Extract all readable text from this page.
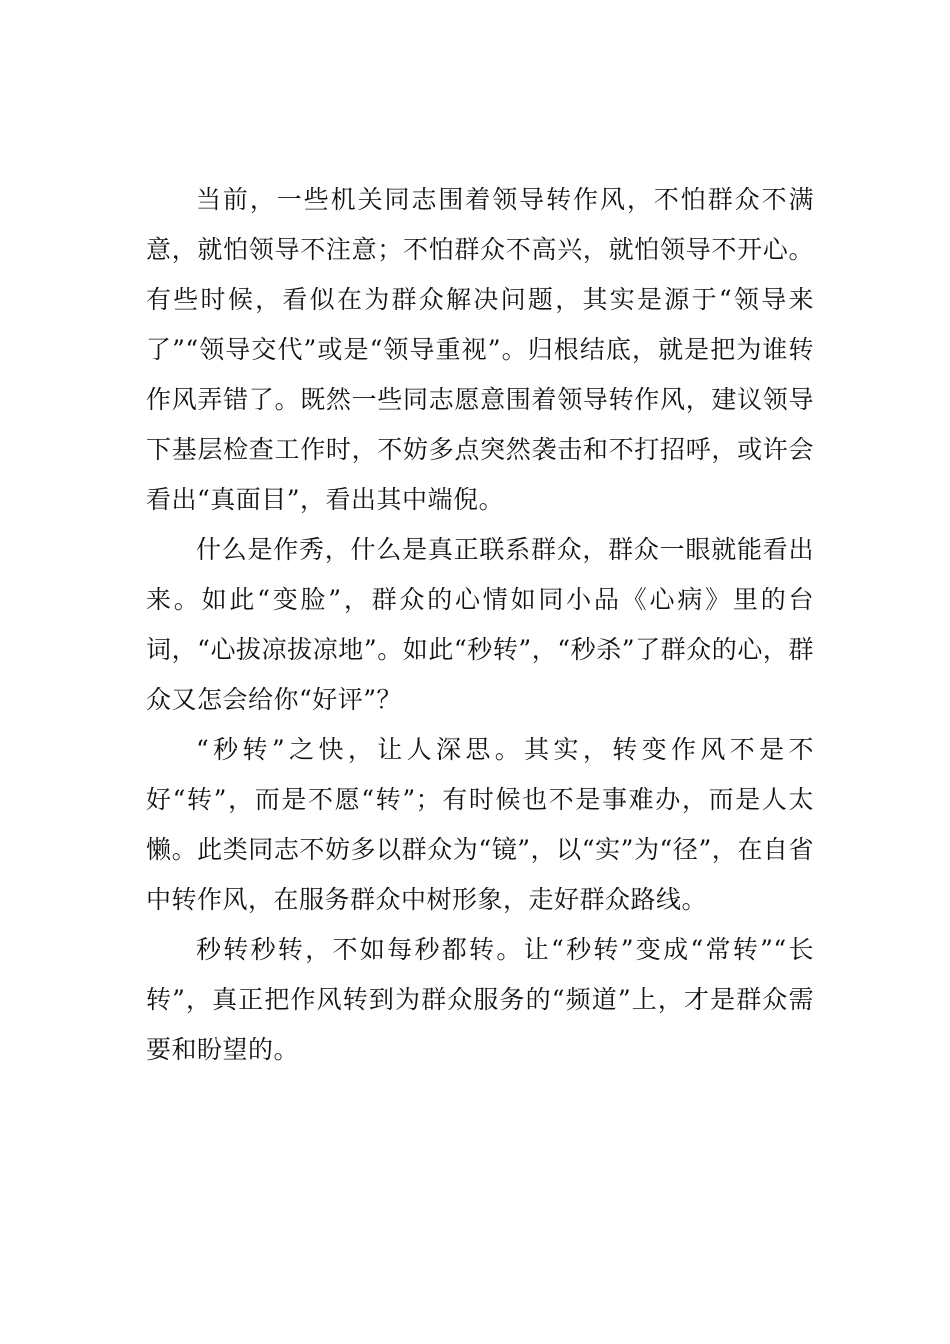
当前，一些机关同志围着领导转作风，不怕群众不满意，就怕领导不注意；不怕群众不高兴，就怕领导不开心。有些时候，看似在为群众解决问题，其实是源于“领导来了”“领导交代”或是“领导重视”。归根结底，就是把为谁转作风弄错了。既然一些同志愿意围着领导转作风，建议领导下基层检查工作时，不妨多点突然袭击和不打招呼，或许会看出“真面目”，看出其中端倪。

什么是作秀，什么是真正联系群众，群众一眼就能看出来。如此“变脸”，群众的心情如同小品《心病》里的台词，“心拔凉拔凉地”。如此“秒转”，“秒杀”了群众的心，群众又怎会给你“好评”？

“秒转”之快，让人深思。其实，转变作风不是不好“转”，而是不愿“转”；有时候也不是事难办，而是人太懒。此类同志不妨多以群众为“镜”，以“实”为“径”，在自省中转作风，在服务群众中树形象，走好群众路线。

秒转秒转，不如每秒都转。让“秒转”变成“常转”“长转”，真正把作风转到为群众服务的“频道”上，才是群众需要和盼望的。
